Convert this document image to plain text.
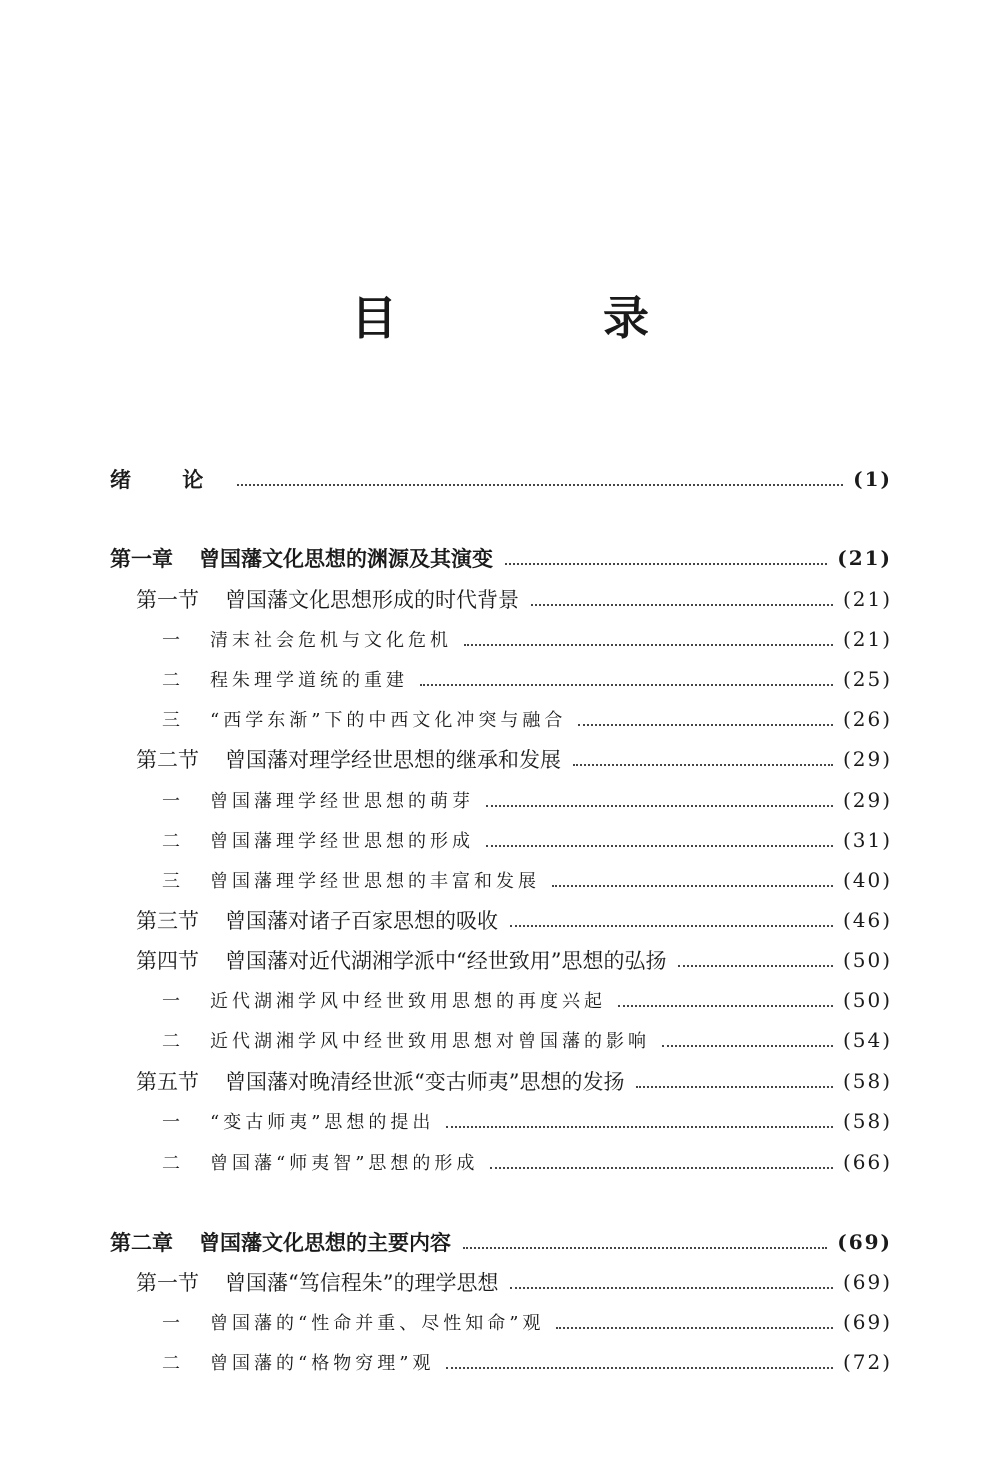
目　录
绪 论	(1)
第一章 曾国藩文化思想的渊源及其演变	(21)
第一节 曾国藩文化思想形成的时代背景	(21)
一 清末社会危机与文化危机	(21)
二 程朱理学道统的重建	(25)
三 “西学东渐”下的中西文化冲突与融合	(26)
第二节 曾国藩对理学经世思想的继承和发展	(29)
一 曾国藩理学经世思想的萌芽	(29)
二 曾国藩理学经世思想的形成	(31)
三 曾国藩理学经世思想的丰富和发展	(40)
第三节 曾国藩对诸子百家思想的吸收	(46)
第四节 曾国藩对近代湖湘学派中“经世致用”思想的弘扬	(50)
一 近代湖湘学风中经世致用思想的再度兴起	(50)
二 近代湖湘学风中经世致用思想对曾国藩的影响	(54)
第五节 曾国藩对晚清经世派“变古师夷”思想的发扬	(58)
一 “变古师夷”思想的提出	(58)
二 曾国藩“师夷智”思想的形成	(66)
第二章 曾国藩文化思想的主要内容	(69)
第一节 曾国藩“笃信程朱”的理学思想	(69)
一 曾国藩的“性命并重、尽性知命”观	(69)
二 曾国藩的“格物穷理”观	(72)
